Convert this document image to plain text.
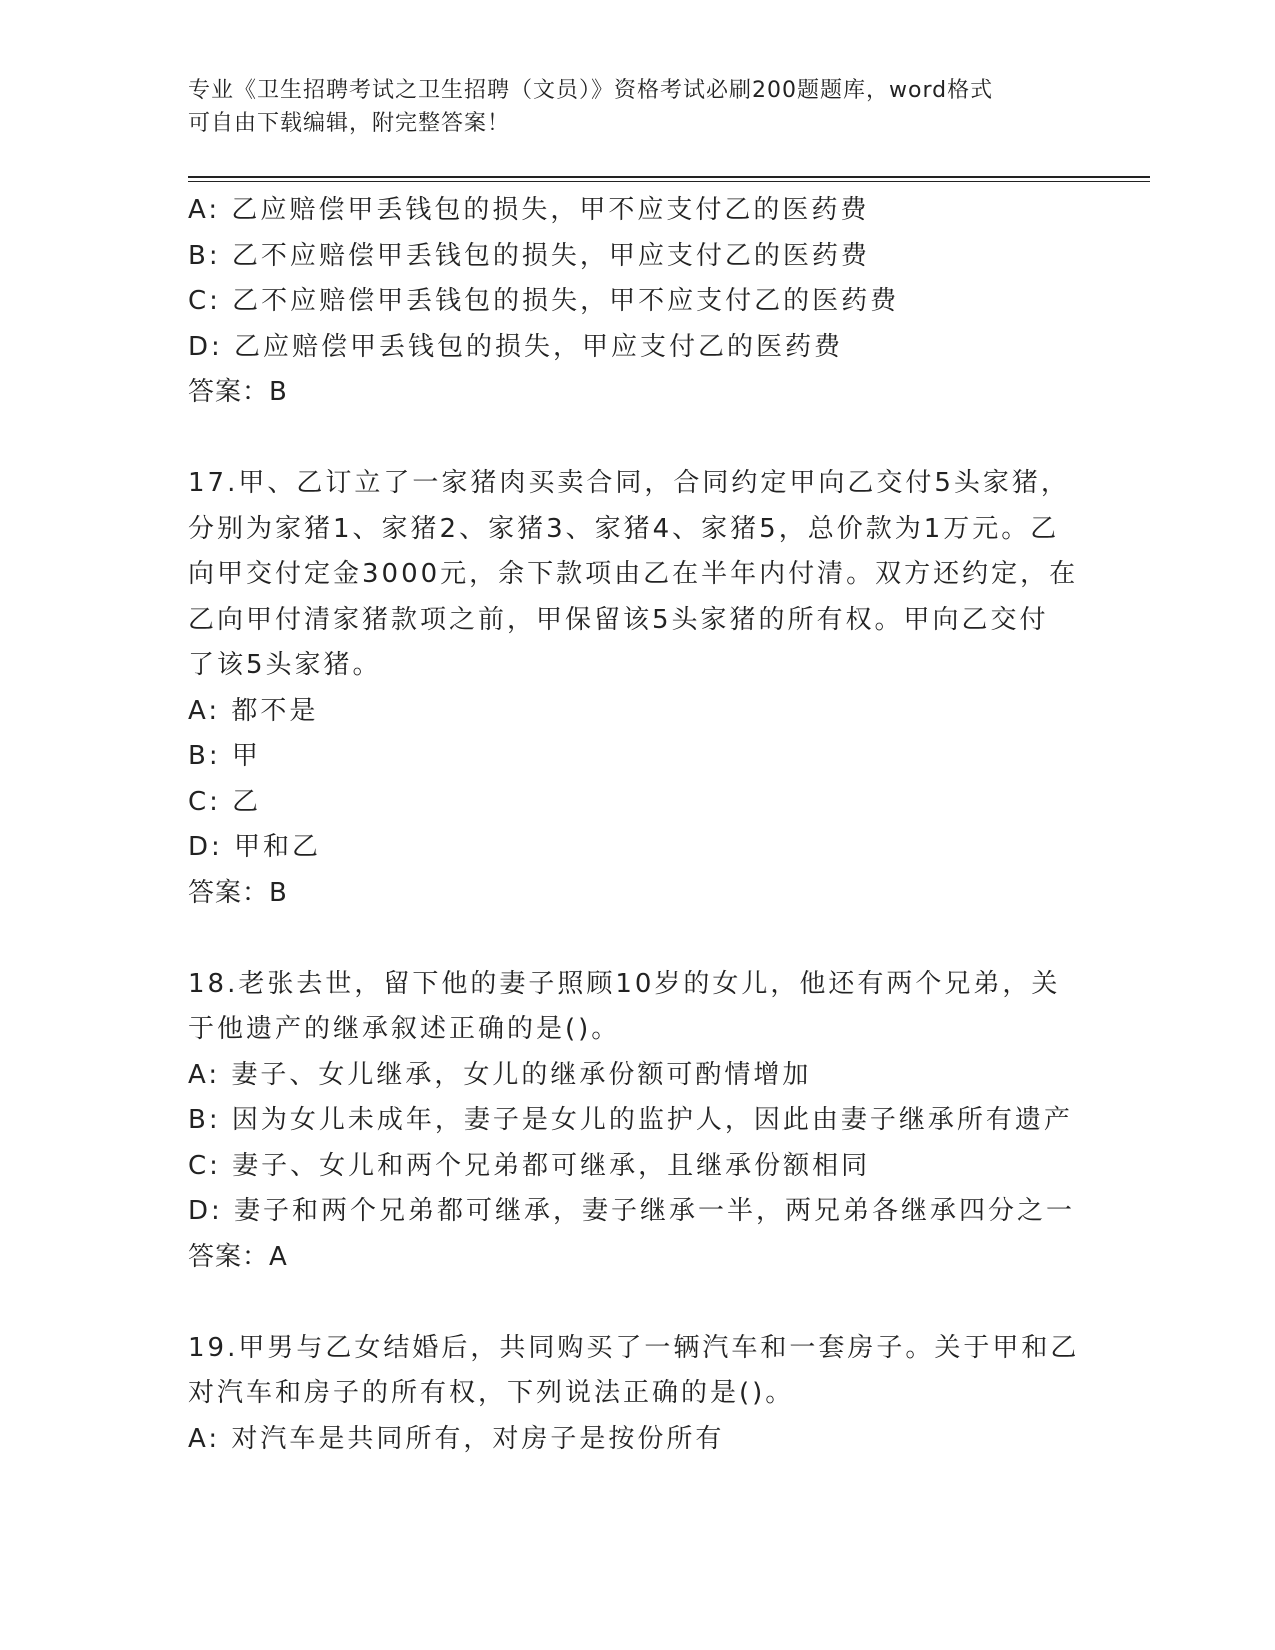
专业《卫生招聘考试之卫生招聘（文员）》资格考试必刷200题题库，word格式
可自由下载编辑，附完整答案！
A: 乙应赔偿甲丢钱包的损失，甲不应支付乙的医药费
B: 乙不应赔偿甲丢钱包的损失，甲应支付乙的医药费
C: 乙不应赔偿甲丢钱包的损失，甲不应支付乙的医药费
D: 乙应赔偿甲丢钱包的损失，甲应支付乙的医药费
答案：B
17.甲、乙订立了一家猪肉买卖合同，合同约定甲向乙交付5头家猪，
分别为家猪1、家猪2、家猪3、家猪4、家猪5，总价款为1万元。乙
向甲交付定金3000元，余下款项由乙在半年内付清。双方还约定，在
乙向甲付清家猪款项之前，甲保留该5头家猪的所有权。甲向乙交付
了该5头家猪。
A: 都不是
B: 甲
C: 乙
D: 甲和乙
答案：B
18.老张去世，留下他的妻子照顾10岁的女儿，他还有两个兄弟，关
于他遗产的继承叙述正确的是()。
A: 妻子、女儿继承，女儿的继承份额可酌情增加
B: 因为女儿未成年，妻子是女儿的监护人，因此由妻子继承所有遗产
C: 妻子、女儿和两个兄弟都可继承，且继承份额相同
D: 妻子和两个兄弟都可继承，妻子继承一半，两兄弟各继承四分之一
答案：A
19.甲男与乙女结婚后，共同购买了一辆汽车和一套房子。关于甲和乙
对汽车和房子的所有权，下列说法正确的是()。
A: 对汽车是共同所有，对房子是按份所有
